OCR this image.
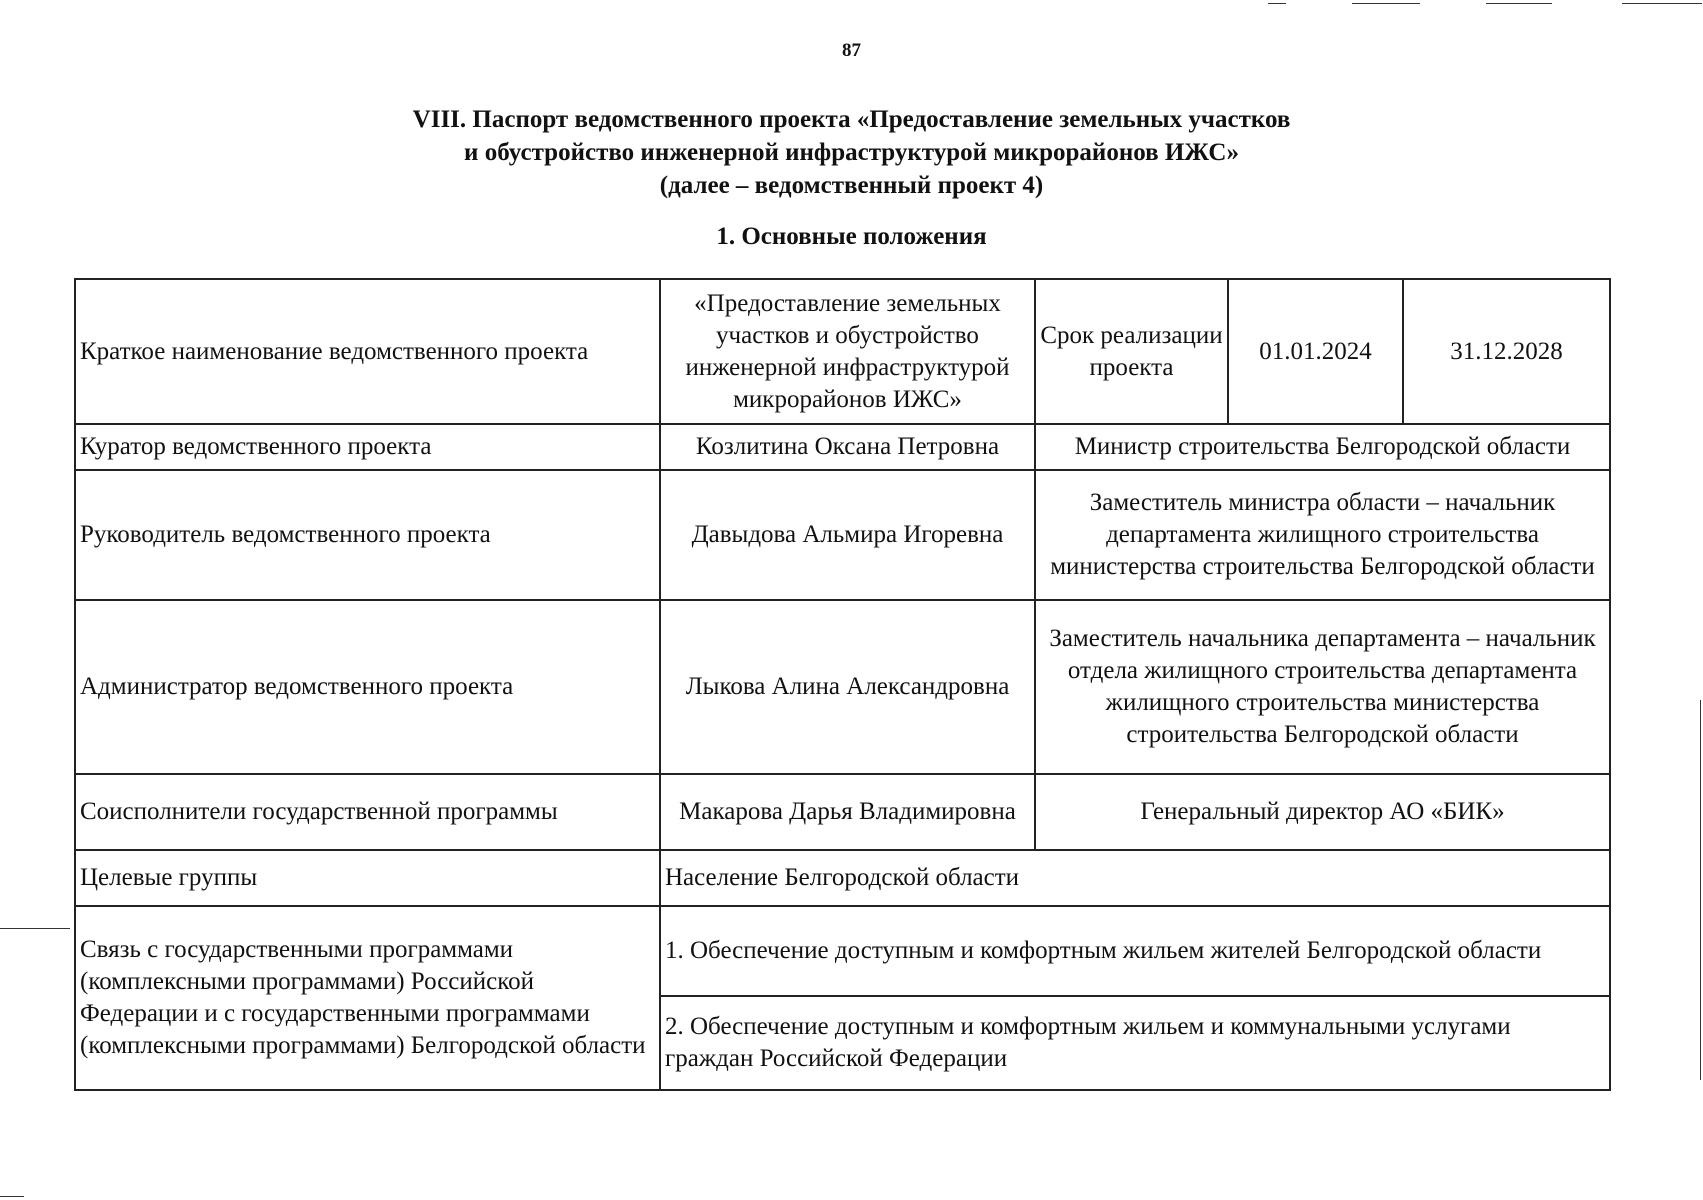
87
VIII. Паспорт ведомственного проекта «Предоставление земельных участков
и обустройство инженерной инфраструктурой микрорайонов ИЖС»
(далее – ведомственный проект 4)
1. Основные положения
Краткое наименование ведомственного проекта	«Предоставление земельных участков и обустройство инженерной инфраструктурой микрорайонов ИЖС»	Срок реализации проекта	01.01.2024	31.12.2028
Куратор ведомственного проекта	Козлитина Оксана Петровна	Министр строительства Белгородской области		
Руководитель ведомственного проекта	Давыдова Альмира Игоревна	Заместитель министра области – начальник департамента жилищного строительства министерства строительства Белгородской области		
Администратор ведомственного проекта	Лыкова Алина Александровна	Заместитель начальника департамента – начальник отдела жилищного строительства департамента жилищного строительства министерства строительства Белгородской области		
Соисполнители государственной программы	Макарова Дарья Владимировна	Генеральный директор АО «БИК»		
Целевые группы	Население Белгородской области			
Связь с государственными программами (комплексными программами) Российской Федерации и с государственными программами (комплексными программами) Белгородской области	1. Обеспечение доступным и комфортным жильем жителей Белгородской области			
	2. Обеспечение доступным и комфортным жильем и коммунальными услугами граждан Российской Федерации			
